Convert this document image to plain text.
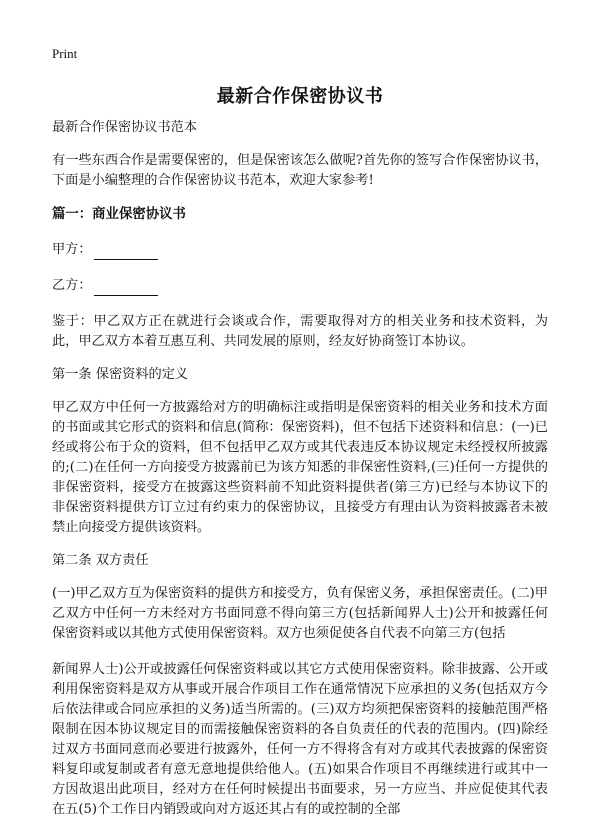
Print
最新合作保密协议书

最新合作保密协议书范本

有一些东西合作是需要保密的，但是保密该怎么做呢?首先你的签写合作保密协议书，下面是小编整理的合作保密协议书范本，欢迎大家参考!

篇一：商业保密协议书

甲方：
乙方：

鉴于：甲乙双方正在就进行会谈或合作，需要取得对方的相关业务和技术资料，为此，甲乙双方本着互惠互利、共同发展的原则，经友好协商签订本协议。

第一条 保密资料的定义

甲乙双方中任何一方披露给对方的明确标注或指明是保密资料的相关业务和技术方面的书面或其它形式的资料和信息(简称：保密资料)，但不包括下述资料和信息：(一)已经或将公布于众的资料，但不包括甲乙双方或其代表违反本协议规定未经授权所披露的;(二)在任何一方向接受方披露前已为该方知悉的非保密性资料,(三)任何一方提供的非保密资料，接受方在披露这些资料前不知此资料提供者(第三方)已经与本协议下的非保密资料提供方订立过有约束力的保密协议，且接受方有理由认为资料披露者未被禁止向接受方提供该资料。

第二条 双方责任

(一)甲乙双方互为保密资料的提供方和接受方，负有保密义务，承担保密责任。(二)甲乙双方中任何一方未经对方书面同意不得向第三方(包括新闻界人士)公开和披露任何保密资料或以其他方式使用保密资料。双方也须促使各自代表不向第三方(包括

新闻界人士)公开或披露任何保密资料或以其它方式使用保密资料。除非披露、公开或利用保密资料是双方从事或开展合作项目工作在通常情况下应承担的义务(包括双方今后依法律或合同应承担的义务)适当所需的。(三)双方均须把保密资料的接触范围严格限制在因本协议规定目的而需接触保密资料的各自负责任的代表的范围内。(四)除经过双方书面同意而必要进行披露外，任何一方不得将含有对方或其代表披露的保密资料复印或复制或者有意无意地提供给他人。(五)如果合作项目不再继续进行或其中一方因故退出此项目，经对方在任何时候提出书面要求，另一方应当、并应促使其代表在五(5)个工作日内销毁或向对方返还其占有的或控制的全部
